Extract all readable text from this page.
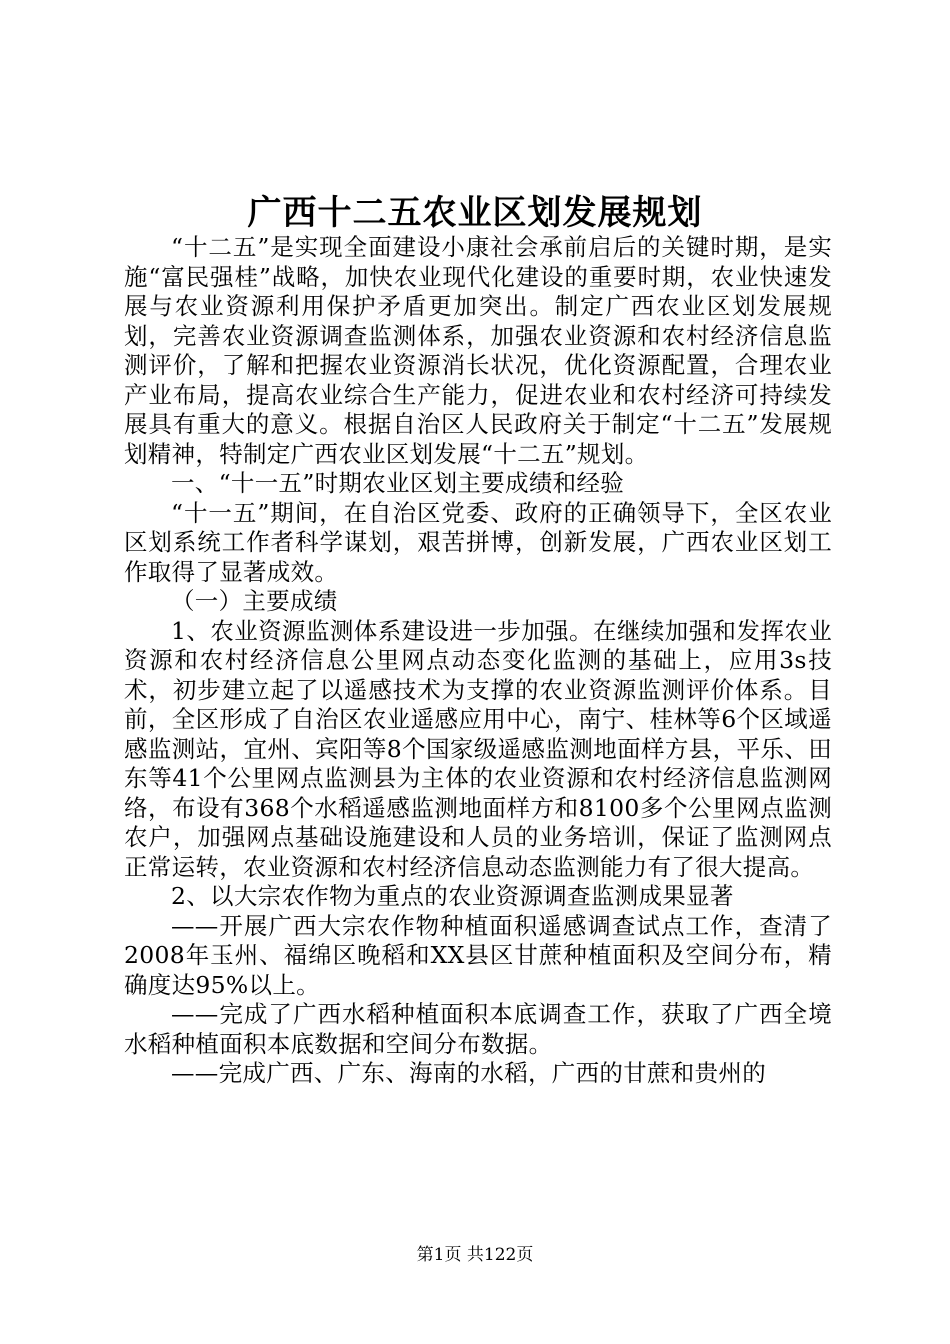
广西十二五农业区划发展规划

“十二五”是实现全面建设小康社会承前启后的关键时期，是实施“富民强桂”战略，加快农业现代化建设的重要时期，农业快速发展与农业资源利用保护矛盾更加突出。制定广西农业区划发展规划，完善农业资源调查监测体系，加强农业资源和农村经济信息监测评价，了解和把握农业资源消长状况，优化资源配置，合理农业产业布局，提高农业综合生产能力，促进农业和农村经济可持续发展具有重大的意义。根据自治区人民政府关于制定“十二五”发展规划精神，特制定广西农业区划发展“十二五”规划。

一、“十一五”时期农业区划主要成绩和经验

“十一五”期间，在自治区党委、政府的正确领导下，全区农业区划系统工作者科学谋划，艰苦拼博，创新发展，广西农业区划工作取得了显著成效。

（一）主要成绩

1、农业资源监测体系建设进一步加强。在继续加强和发挥农业资源和农村经济信息公里网点动态变化监测的基础上，应用3s技术，初步建立起了以遥感技术为支撑的农业资源监测评价体系。目前，全区形成了自治区农业遥感应用中心，南宁、桂林等6个区域遥感监测站，宜州、宾阳等8个国家级遥感监测地面样方县，平乐、田东等41个公里网点监测县为主体的农业资源和农村经济信息监测网络，布设有368个水稻遥感监测地面样方和8100多个公里网点监测农户，加强网点基础设施建设和人员的业务培训，保证了监测网点正常运转，农业资源和农村经济信息动态监测能力有了很大提高。

2、以大宗农作物为重点的农业资源调查监测成果显著

——开展广西大宗农作物种植面积遥感调查试点工作，查清了2008年玉州、福绵区晚稻和XX县区甘蔗种植面积及空间分布，精确度达95%以上。

——完成了广西水稻种植面积本底调查工作，获取了广西全境水稻种植面积本底数据和空间分布数据。

——完成广西、广东、海南的水稻，广西的甘蔗和贵州的

第1页 共122页
